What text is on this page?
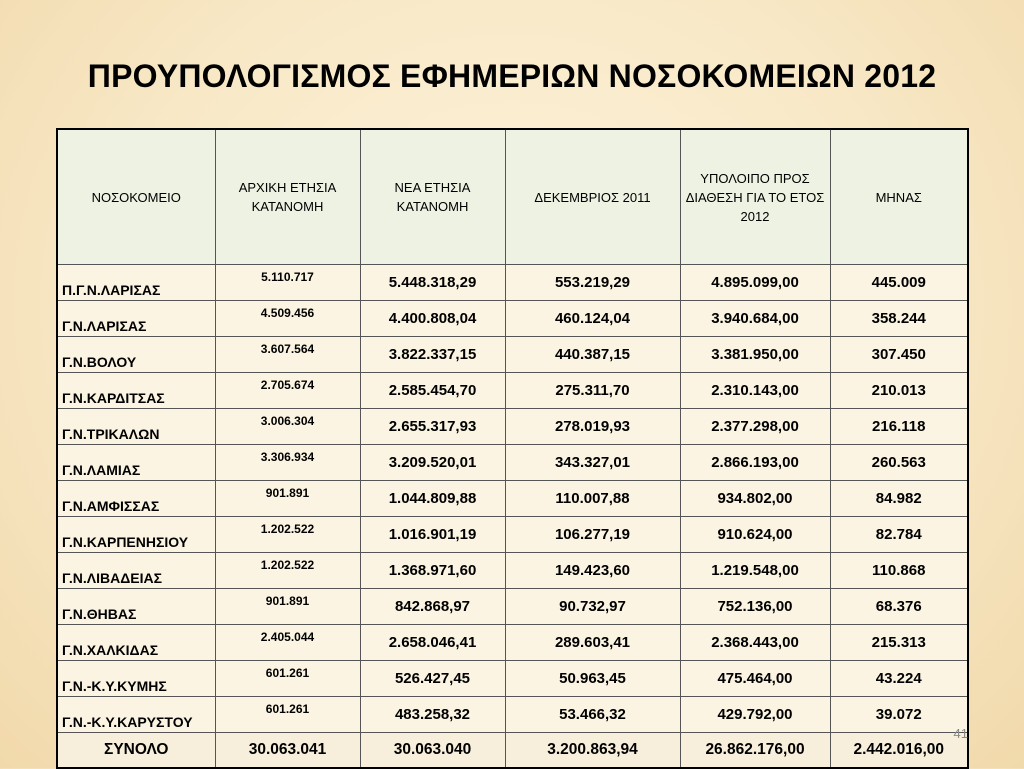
ΠΡΟΥΠΟΛΟΓΙΣΜΟΣ ΕΦΗΜΕΡΙΩΝ ΝΟΣΟΚΟΜΕΙΩΝ 2012
ΝΟΣΟΚΟΜΕΙΟ	ΑΡΧΙΚΗ ΕΤΗΣΙΑ ΚΑΤΑΝΟΜΗ	ΝΕΑ ΕΤΗΣΙΑ ΚΑΤΑΝΟΜΗ	ΔΕΚΕΜΒΡΙΟΣ 2011	ΥΠΟΛΟΙΠΟ ΠΡΟΣ ΔΙΑΘΕΣΗ ΓΙΑ ΤΟ ΕΤΟΣ 2012	ΜΗΝΑΣ
Π.Γ.Ν.ΛΑΡΙΣΑΣ	5.110.717	5.448.318,29	553.219,29	4.895.099,00	445.009
Γ.Ν.ΛΑΡΙΣΑΣ	4.509.456	4.400.808,04	460.124,04	3.940.684,00	358.244
Γ.Ν.ΒΟΛΟΥ	3.607.564	3.822.337,15	440.387,15	3.381.950,00	307.450
Γ.Ν.ΚΑΡΔΙΤΣΑΣ	2.705.674	2.585.454,70	275.311,70	2.310.143,00	210.013
Γ.Ν.ΤΡΙΚΑΛΩΝ	3.006.304	2.655.317,93	278.019,93	2.377.298,00	216.118
Γ.Ν.ΛΑΜΙΑΣ	3.306.934	3.209.520,01	343.327,01	2.866.193,00	260.563
Γ.Ν.ΑΜΦΙΣΣΑΣ	901.891	1.044.809,88	110.007,88	934.802,00	84.982
Γ.Ν.ΚΑΡΠΕΝΗΣΙΟΥ	1.202.522	1.016.901,19	106.277,19	910.624,00	82.784
Γ.Ν.ΛΙΒΑΔΕΙΑΣ	1.202.522	1.368.971,60	149.423,60	1.219.548,00	110.868
Γ.Ν.ΘΗΒΑΣ	901.891	842.868,97	90.732,97	752.136,00	68.376
Γ.Ν.ΧΑΛΚΙΔΑΣ	2.405.044	2.658.046,41	289.603,41	2.368.443,00	215.313
Γ.Ν.-Κ.Υ.ΚΥΜΗΣ	601.261	526.427,45	50.963,45	475.464,00	43.224
Γ.Ν.-Κ.Υ.ΚΑΡΥΣΤΟΥ	601.261	483.258,32	53.466,32	429.792,00	39.072
ΣΥΝΟΛΟ	30.063.041	30.063.040	3.200.863,94	26.862.176,00	2.442.016,00
41
